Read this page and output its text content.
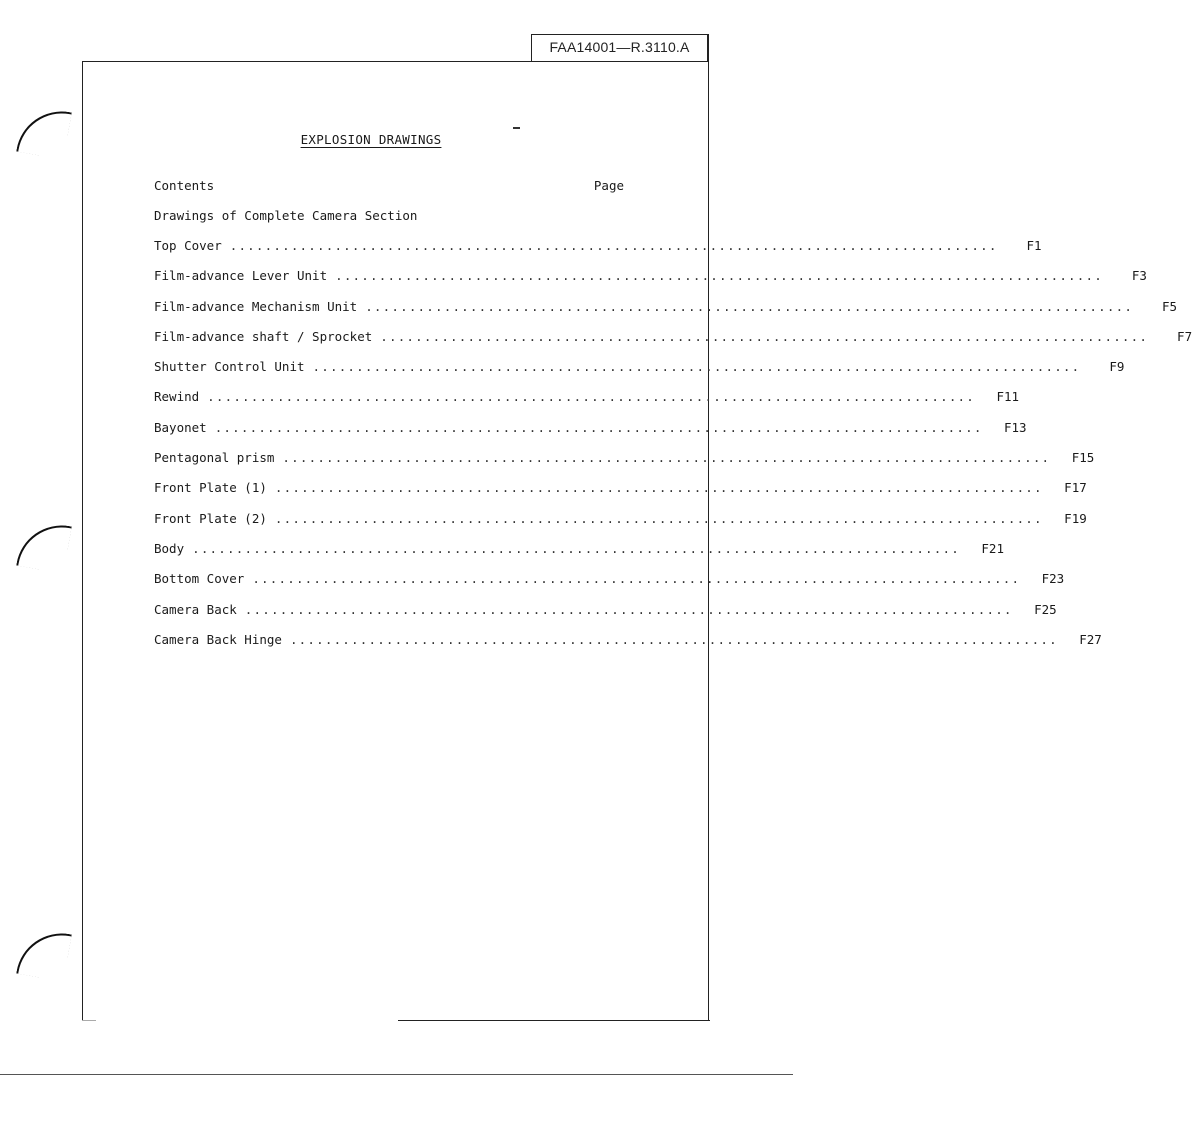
FAA14001—R.3110.A
EXPLOSION DRAWINGS
Contents	Page
Drawings of Complete Camera Section
Top Cover ........................................................................................	F1
Film-advance Lever Unit ........................................................................................	F3
Film-advance Mechanism Unit ........................................................................................	F5
Film-advance shaft / Sprocket ........................................................................................	F7
Shutter Control Unit ........................................................................................	F9
Rewind ........................................................................................	F11
Bayonet ........................................................................................	F13
Pentagonal prism ........................................................................................	F15
Front Plate (1) ........................................................................................	F17
Front Plate (2) ........................................................................................	F19
Body ........................................................................................	F21
Bottom Cover ........................................................................................	F23
Camera Back ........................................................................................	F25
Camera Back Hinge ........................................................................................	F27
